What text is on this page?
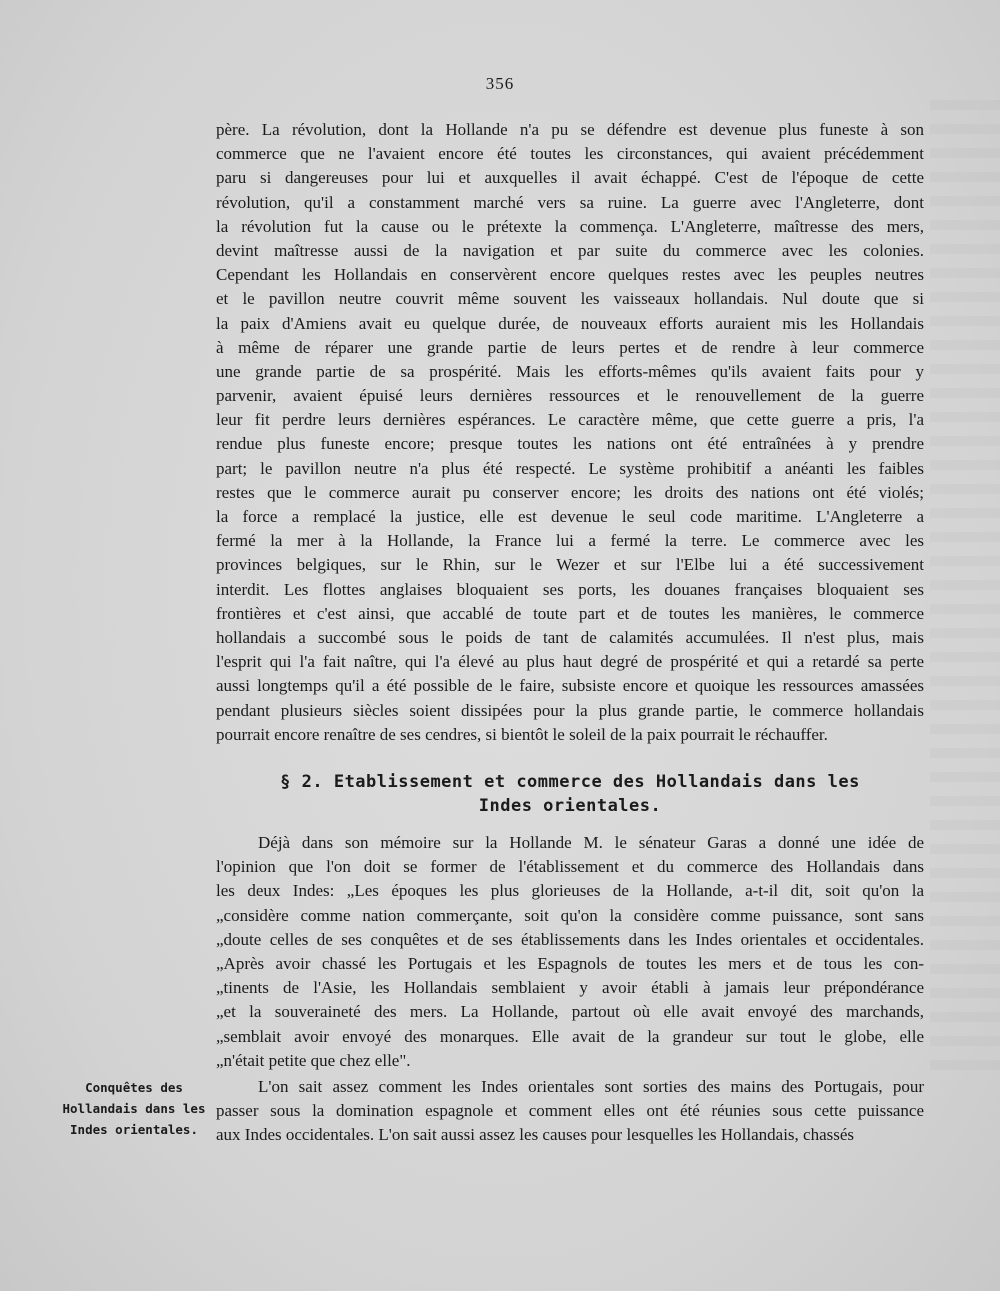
356
père. La révolution, dont la Hollande n'a pu se défendre est devenue plus funeste à son
commerce que ne l'avaient encore été toutes les circonstances, qui avaient précédemment
paru si dangereuses pour lui et auxquelles il avait échappé. C'est de l'époque de cette
révolution, qu'il a constamment marché vers sa ruine. La guerre avec l'Angleterre, dont
la révolution fut la cause ou le prétexte la commença. L'Angleterre, maîtresse des mers,
devint maîtresse aussi de la navigation et par suite du commerce avec les colonies.
Cependant les Hollandais en conservèrent encore quelques restes avec les peuples neutres
et le pavillon neutre couvrit même souvent les vaisseaux hollandais. Nul doute que si
la paix d'Amiens avait eu quelque durée, de nouveaux efforts auraient mis les Hollandais
à même de réparer une grande partie de leurs pertes et de rendre à leur commerce
une grande partie de sa prospérité. Mais les efforts-mêmes qu'ils avaient faits pour y
parvenir, avaient épuisé leurs dernières ressources et le renouvellement de la guerre
leur fit perdre leurs dernières espérances. Le caractère même, que cette guerre a pris, l'a
rendue plus funeste encore; presque toutes les nations ont été entraînées à y prendre
part; le pavillon neutre n'a plus été respecté. Le système prohibitif a anéanti les faibles
restes que le commerce aurait pu conserver encore; les droits des nations ont été violés;
la force a remplacé la justice, elle est devenue le seul code maritime. L'Angleterre a
fermé la mer à la Hollande, la France lui a fermé la terre. Le commerce avec les
provinces belgiques, sur le Rhin, sur le Wezer et sur l'Elbe lui a été successivement
interdit. Les flottes anglaises bloquaient ses ports, les douanes françaises bloquaient ses
frontières et c'est ainsi, que accablé de toute part et de toutes les manières, le commerce
hollandais a succombé sous le poids de tant de calamités accumulées. Il n'est plus, mais
l'esprit qui l'a fait naître, qui l'a élevé au plus haut degré de prospérité et qui a retardé sa perte
aussi longtemps qu'il a été possible de le faire, subsiste encore et quoique les ressources amassées
pendant plusieurs siècles soient dissipées pour la plus grande partie, le commerce hollandais
pourrait encore renaître de ses cendres, si bientôt le soleil de la paix pourrait le réchauffer.
§ 2. Etablissement et commerce des Hollandais dans les
Indes orientales.
Déjà dans son mémoire sur la Hollande M. le sénateur Garas a donné une idée de
l'opinion que l'on doit se former de l'établissement et du commerce des Hollandais dans
les deux Indes: „Les époques les plus glorieuses de la Hollande, a-t-il dit, soit qu'on la
„considère comme nation commerçante, soit qu'on la considère comme puissance, sont sans
„doute celles de ses conquêtes et de ses établissements dans les Indes orientales et occidentales.
„Après avoir chassé les Portugais et les Espagnols de toutes les mers et de tous les con-
„tinents de l'Asie, les Hollandais semblaient y avoir établi à jamais leur prépondérance
„et la souveraineté des mers. La Hollande, partout où elle avait envoyé des marchands,
„semblait avoir envoyé des monarques. Elle avait de la grandeur sur tout le globe, elle
„n'était petite que chez elle".
L'on sait assez comment les Indes orientales sont sorties des mains des Portugais, pour
passer sous la domination espagnole et comment elles ont été réunies sous cette puissance
aux Indes occidentales. L'on sait aussi assez les causes pour lesquelles les Hollandais, chassés
Conquêtes des
Hollandais dans les
Indes orientales.
